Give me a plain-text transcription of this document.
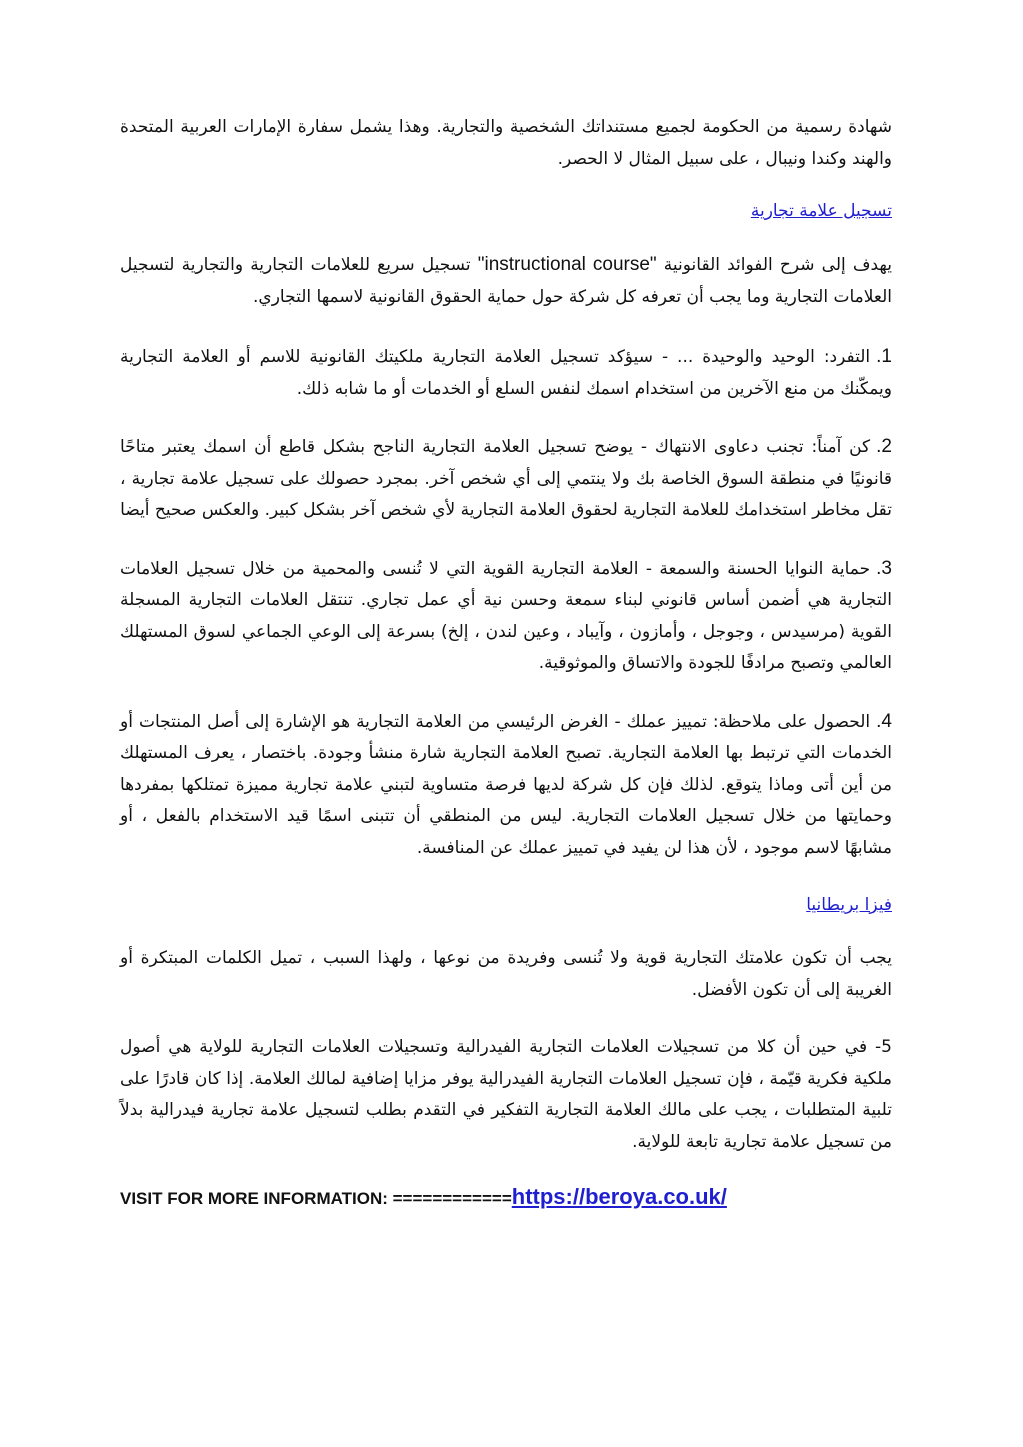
شهادة رسمية من الحكومة لجميع مستنداتك الشخصية والتجارية. وهذا يشمل سفارة الإمارات العربية المتحدة والهند وكندا ونيبال ، على سبيل المثال لا الحصر.

تسجيل علامة تجارية

يهدف إلى شرح الفوائد القانونية "instructional course" تسجيل سريع للعلامات التجارية والتجارية لتسجيل العلامات التجارية وما يجب أن تعرفه كل شركة حول حماية الحقوق القانونية لاسمها التجاري.

1.التفرد: الوحيد والوحيدة ... - سيؤكد تسجيل العلامة التجارية ملكيتك القانونية للاسم أو العلامة التجارية ويمكّنك من منع الآخرين من استخدام اسمك لنفس السلع أو الخدمات أو ما شابه ذلك.

2.كن آمناً: تجنب دعاوى الانتهاك - يوضح تسجيل العلامة التجارية الناجح بشكل قاطع أن اسمك يعتبر متاحًا قانونيًا في منطقة السوق الخاصة بك ولا ينتمي إلى أي شخص آخر. بمجرد حصولك على تسجيل علامة تجارية ، تقل مخاطر استخدامك للعلامة التجارية لحقوق العلامة التجارية لأي شخص آخر بشكل كبير. والعكس صحيح أيضا

3.حماية النوايا الحسنة والسمعة - العلامة التجارية القوية التي لا تُنسى والمحمية من خلال تسجيل العلامات التجارية هي أضمن أساس قانوني لبناء سمعة وحسن نية أي عمل تجاري. تنتقل العلامات التجارية المسجلة القوية (مرسيدس ، وجوجل ، وأمازون ، وآيباد ، وعين لندن ، إلخ) بسرعة إلى الوعي الجماعي لسوق المستهلك العالمي وتصبح مرادفًا للجودة والاتساق والموثوقية.

4.الحصول على ملاحظة: تمييز عملك - الغرض الرئيسي من العلامة التجارية هو الإشارة إلى أصل المنتجات أو الخدمات التي ترتبط بها العلامة التجارية. تصبح العلامة التجارية شارة منشأ وجودة. باختصار ، يعرف المستهلك من أين أتى وماذا يتوقع. لذلك فإن كل شركة لديها فرصة متساوية لتبني علامة تجارية مميزة تمتلكها بمفردها وحمايتها من خلال تسجيل العلامات التجارية. ليس من المنطقي أن تتبنى اسمًا قيد الاستخدام بالفعل ، أو مشابهًا لاسم موجود ، لأن هذا لن يفيد في تمييز عملك عن المنافسة.

فيزا بريطانيا

يجب أن تكون علامتك التجارية قوية ولا تُنسى وفريدة من نوعها ، ولهذا السبب ، تميل الكلمات المبتكرة أو الغريبة إلى أن تكون الأفضل.

5- في حين أن كلا من تسجيلات العلامات التجارية الفيدرالية وتسجيلات العلامات التجارية للولاية هي أصول ملكية فكرية قيّمة ، فإن تسجيل العلامات التجارية الفيدرالية يوفر مزايا إضافية لمالك العلامة. إذا كان قادرًا على تلبية المتطلبات ، يجب على مالك العلامة التجارية التفكير في التقدم بطلب لتسجيل علامة تجارية فيدرالية بدلاً من تسجيل علامة تجارية تابعة للولاية.

VISIT FOR MORE INFORMATION: ============https://beroya.co.uk/
